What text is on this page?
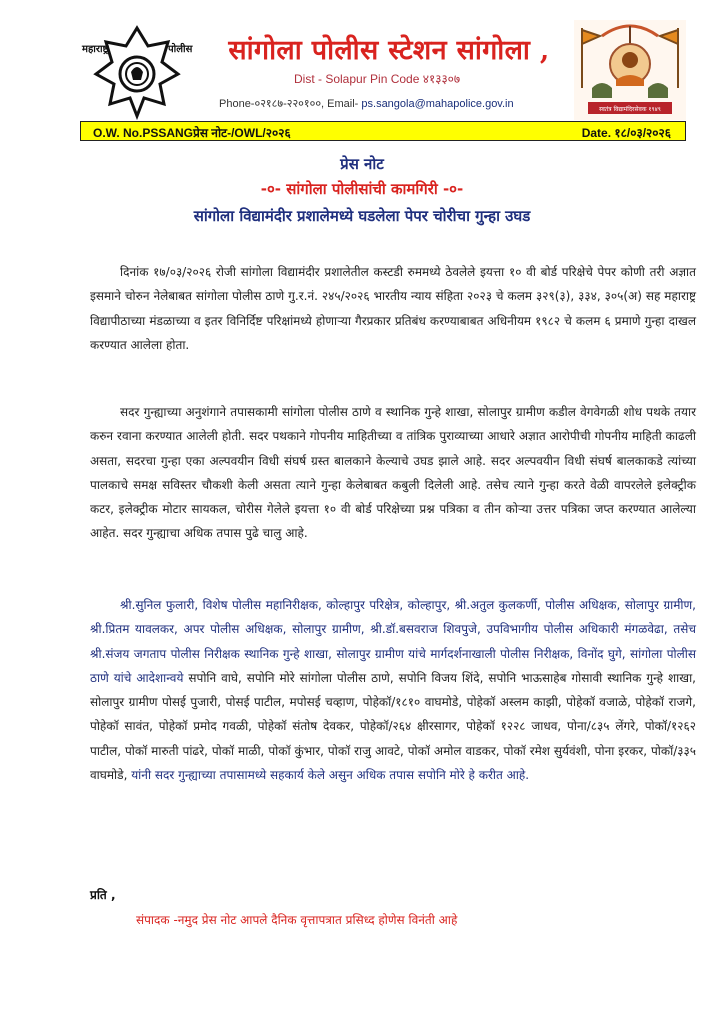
महाराष्ट्र	पोलीस	सांगोला पोलीस स्टेशन सांगोला ,
Dist - Solapur Pin Code ४१३३०७
Phone-०२१८७-२२०१००, Email- ps.sangola@mahapolice.gov.in	स्वतंत्र विद्यामंदिरसेवक १९४९
O.W. No.PSSANGप्रेस नोट-/OWL/२०२६	Date. १८/०३/२०२६
प्रेस नोट
-०- सांगोला पोलीसांची कामगिरी -०-
सांगोला विद्यामंदीर प्रशालेमध्ये घडलेला पेपर चोरीचा गुन्हा उघड

दिनांक १७/०३/२०२६ रोजी सांगोला विद्यामंदीर प्रशालेतील कस्टडी रुममध्ये ठेवलेले इयत्ता १० वी बोर्ड परिक्षेचे पेपर कोणी तरी अज्ञात इसमाने चोरुन नेलेबाबत सांगोला पोलीस ठाणे गु.र.नं. २४५/२०२६ भारतीय न्याय संहिता २०२३ चे कलम ३२९(३), ३३४, ३०५(अ) सह महाराष्ट्र विद्यापीठाच्या मंडळाच्या व इतर विनिर्दिष्ट परिक्षांमध्ये होणाऱ्या गैरप्रकार प्रतिबंध करण्याबाबत अधिनीयम १९८२ चे कलम ६ प्रमाणे गुन्हा दाखल करण्यात आलेला होता.

सदर गुन्ह्याच्या अनुशंगाने तपासकामी सांगोला पोलीस ठाणे व स्थानिक गुन्हे शाखा, सोलापुर ग्रामीण कडील वेगवेगळी शोध पथके तयार करुन रवाना करण्यात आलेली होती. सदर पथकाने गोपनीय माहितीच्या व तांत्रिक पुराव्याच्या आधारे अज्ञात आरोपीची गोपनीय माहिती काढली असता, सदरचा गुन्हा एका अल्पवयीन विधी संघर्ष ग्रस्त बालकाने केल्याचे उघड झाले आहे. सदर अल्पवयीन विधी संघर्ष बालकाकडे त्यांच्या पालकाचे समक्ष सविस्तर चौकशी केली असता त्याने गुन्हा केलेबाबत कबुली दिलेली आहे. तसेच त्याने गुन्हा करते वेळी वापरलेले इलेक्ट्रीक कटर, इलेक्ट्रीक मोटार सायकल, चोरीस गेलेले इयत्ता १० वी बोर्ड परिक्षेच्या प्रश्न पत्रिका व तीन कोऱ्या उत्तर पत्रिका जप्त करण्यात आलेल्या आहेत. सदर गुन्ह्याचा अधिक तपास पुढे चालु आहे.

श्री.सुनिल फुलारी, विशेष पोलीस महानिरीक्षक, कोल्हापुर परिक्षेत्र, कोल्हापुर, श्री.अतुल कुलकर्णी, पोलीस अधिक्षक, सोलापुर ग्रामीण, श्री.प्रितम यावलकर, अपर पोलीस अधिक्षक, सोलापुर ग्रामीण, श्री.डॉ.बसवराज शिवपुजे, उपविभागीय पोलीस अधिकारी मंगळवेढा, तसेच श्री.संजय जगताप पोलीस निरीक्षक स्थानिक गुन्हे शाखा, सोलापुर ग्रामीण यांचे मार्गदर्शनाखाली पोलीस निरीक्षक, विनोंद घुगे, सांगोला पोलीस ठाणे यांचे आदेशान्वये सपोनि वाघे, सपोनि मोरे सांगोला पोलीस ठाणे, सपोनि विजय शिंदे, सपोनि भाऊसाहेब गोसावी स्थानिक गुन्हे शाखा, सोलापुर ग्रामीण पोसई पुजारी, पोसई पाटील, मपोसई चव्हाण, पोहेकॉ/१८१० वाघमोडे, पोहेकॉ अस्लम काझी, पोहेकॉ वजाळे, पोहेकॉ राजगे, पोहेकॉ सावंत, पोहेकॉ प्रमोद गवळी, पोहेकॉ संतोष देवकर, पोहेकॉ/२६४ क्षीरसागर, पोहेकॉ १२२८ जाधव, पोना/८३५ लेंगरे, पोकॉ/१२६२ पाटील, पोकॉ मारुती पांढरे, पोकॉ माळी, पोकॉ कुंभार, पोकॉ राजु आवटे, पोकॉ अमोल वाडकर, पोकॉ रमेश सुर्यवंशी, पोना इरकर, पोकॉ/३३५ वाघमोडे, यांनी सदर गुन्ह्याच्या तपासामध्ये सहकार्य केले असुन अधिक तपास सपोनि मोरे हे करीत आहे.

प्रति ,
संपादक -नमुद प्रेस नोट आपले दैनिक वृत्तापत्रात प्रसिध्द होणेस विनंती आहे
